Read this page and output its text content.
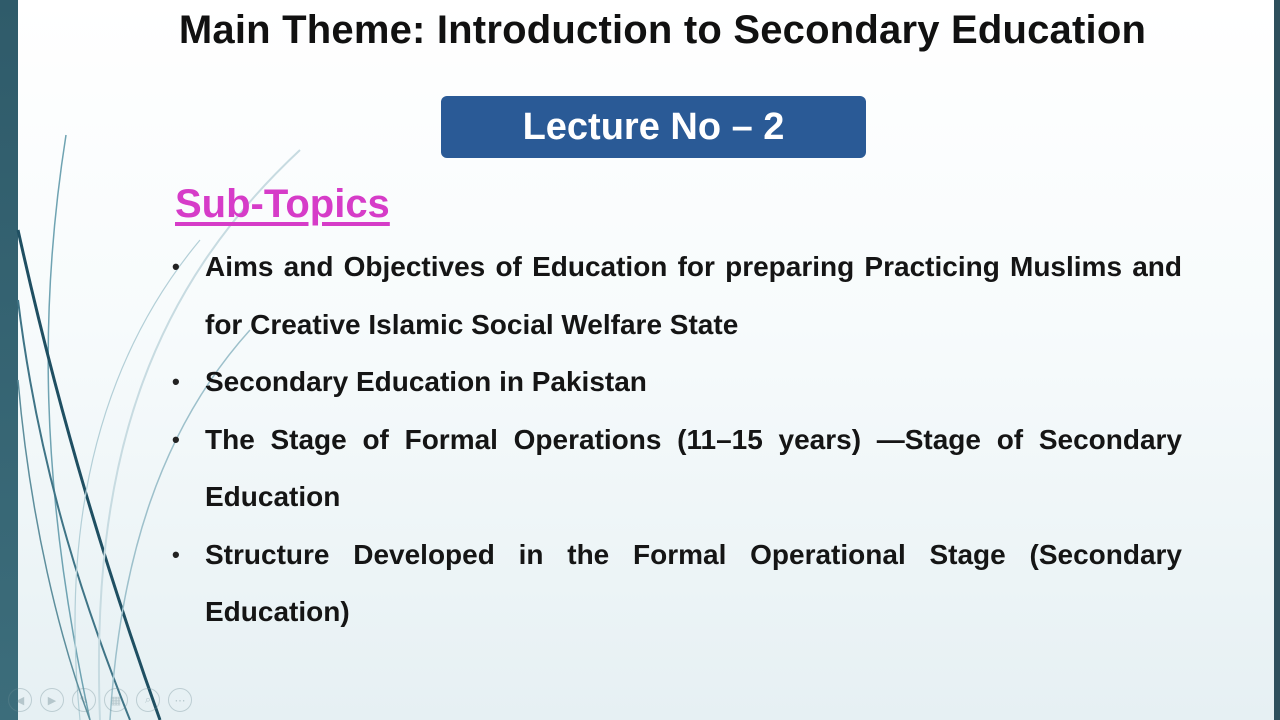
Main Theme: Introduction to Secondary Education
Lecture No – 2
Sub-Topics
• Aims and Objectives of Education for preparing Practicing Muslims and for Creative Islamic Social Welfare State
• Secondary Education in Pakistan
• The Stage of Formal Operations (11–15 years) —Stage of Secondary Education
• Structure Developed in the Formal Operational Stage (Secondary Education)
◀	▶	✎	▦	⌕	⋯
